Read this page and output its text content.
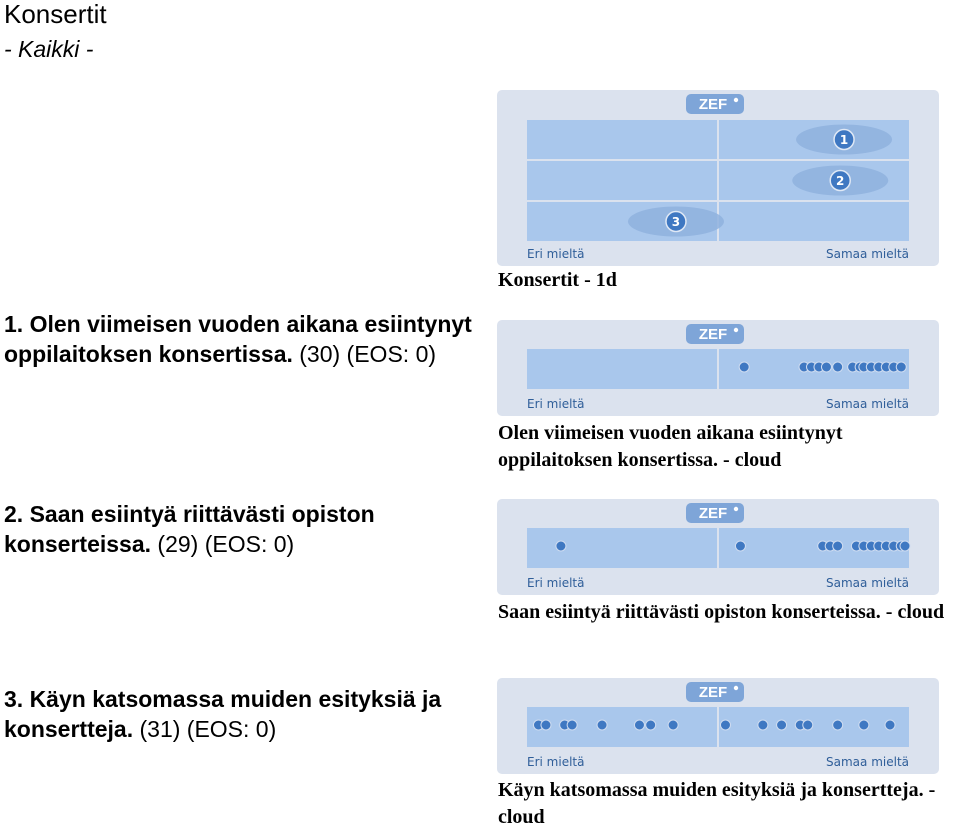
Konsertit
- Kaikki -
1. Olen viimeisen vuoden aikana esiintynyt oppilaitoksen konsertissa. (30) (EOS: 0)
2. Saan esiintyä riittävästi opiston konserteissa. (29) (EOS: 0)
3. Käyn katsomassa muiden esityksiä ja konsertteja. (31) (EOS: 0)
ZEF
1
2
3
Eri mieltä	Samaa mieltä
Konsertit - 1d
ZEF
Eri mieltä	Samaa mieltä
Olen viimeisen vuoden aikana esiintynyt oppilaitoksen konsertissa. - cloud
ZEF
Eri mieltä	Samaa mieltä
Saan esiintyä riittävästi opiston konserteissa. - cloud
ZEF
Eri mieltä	Samaa mieltä
Käyn katsomassa muiden esityksiä ja konsertteja. - cloud
